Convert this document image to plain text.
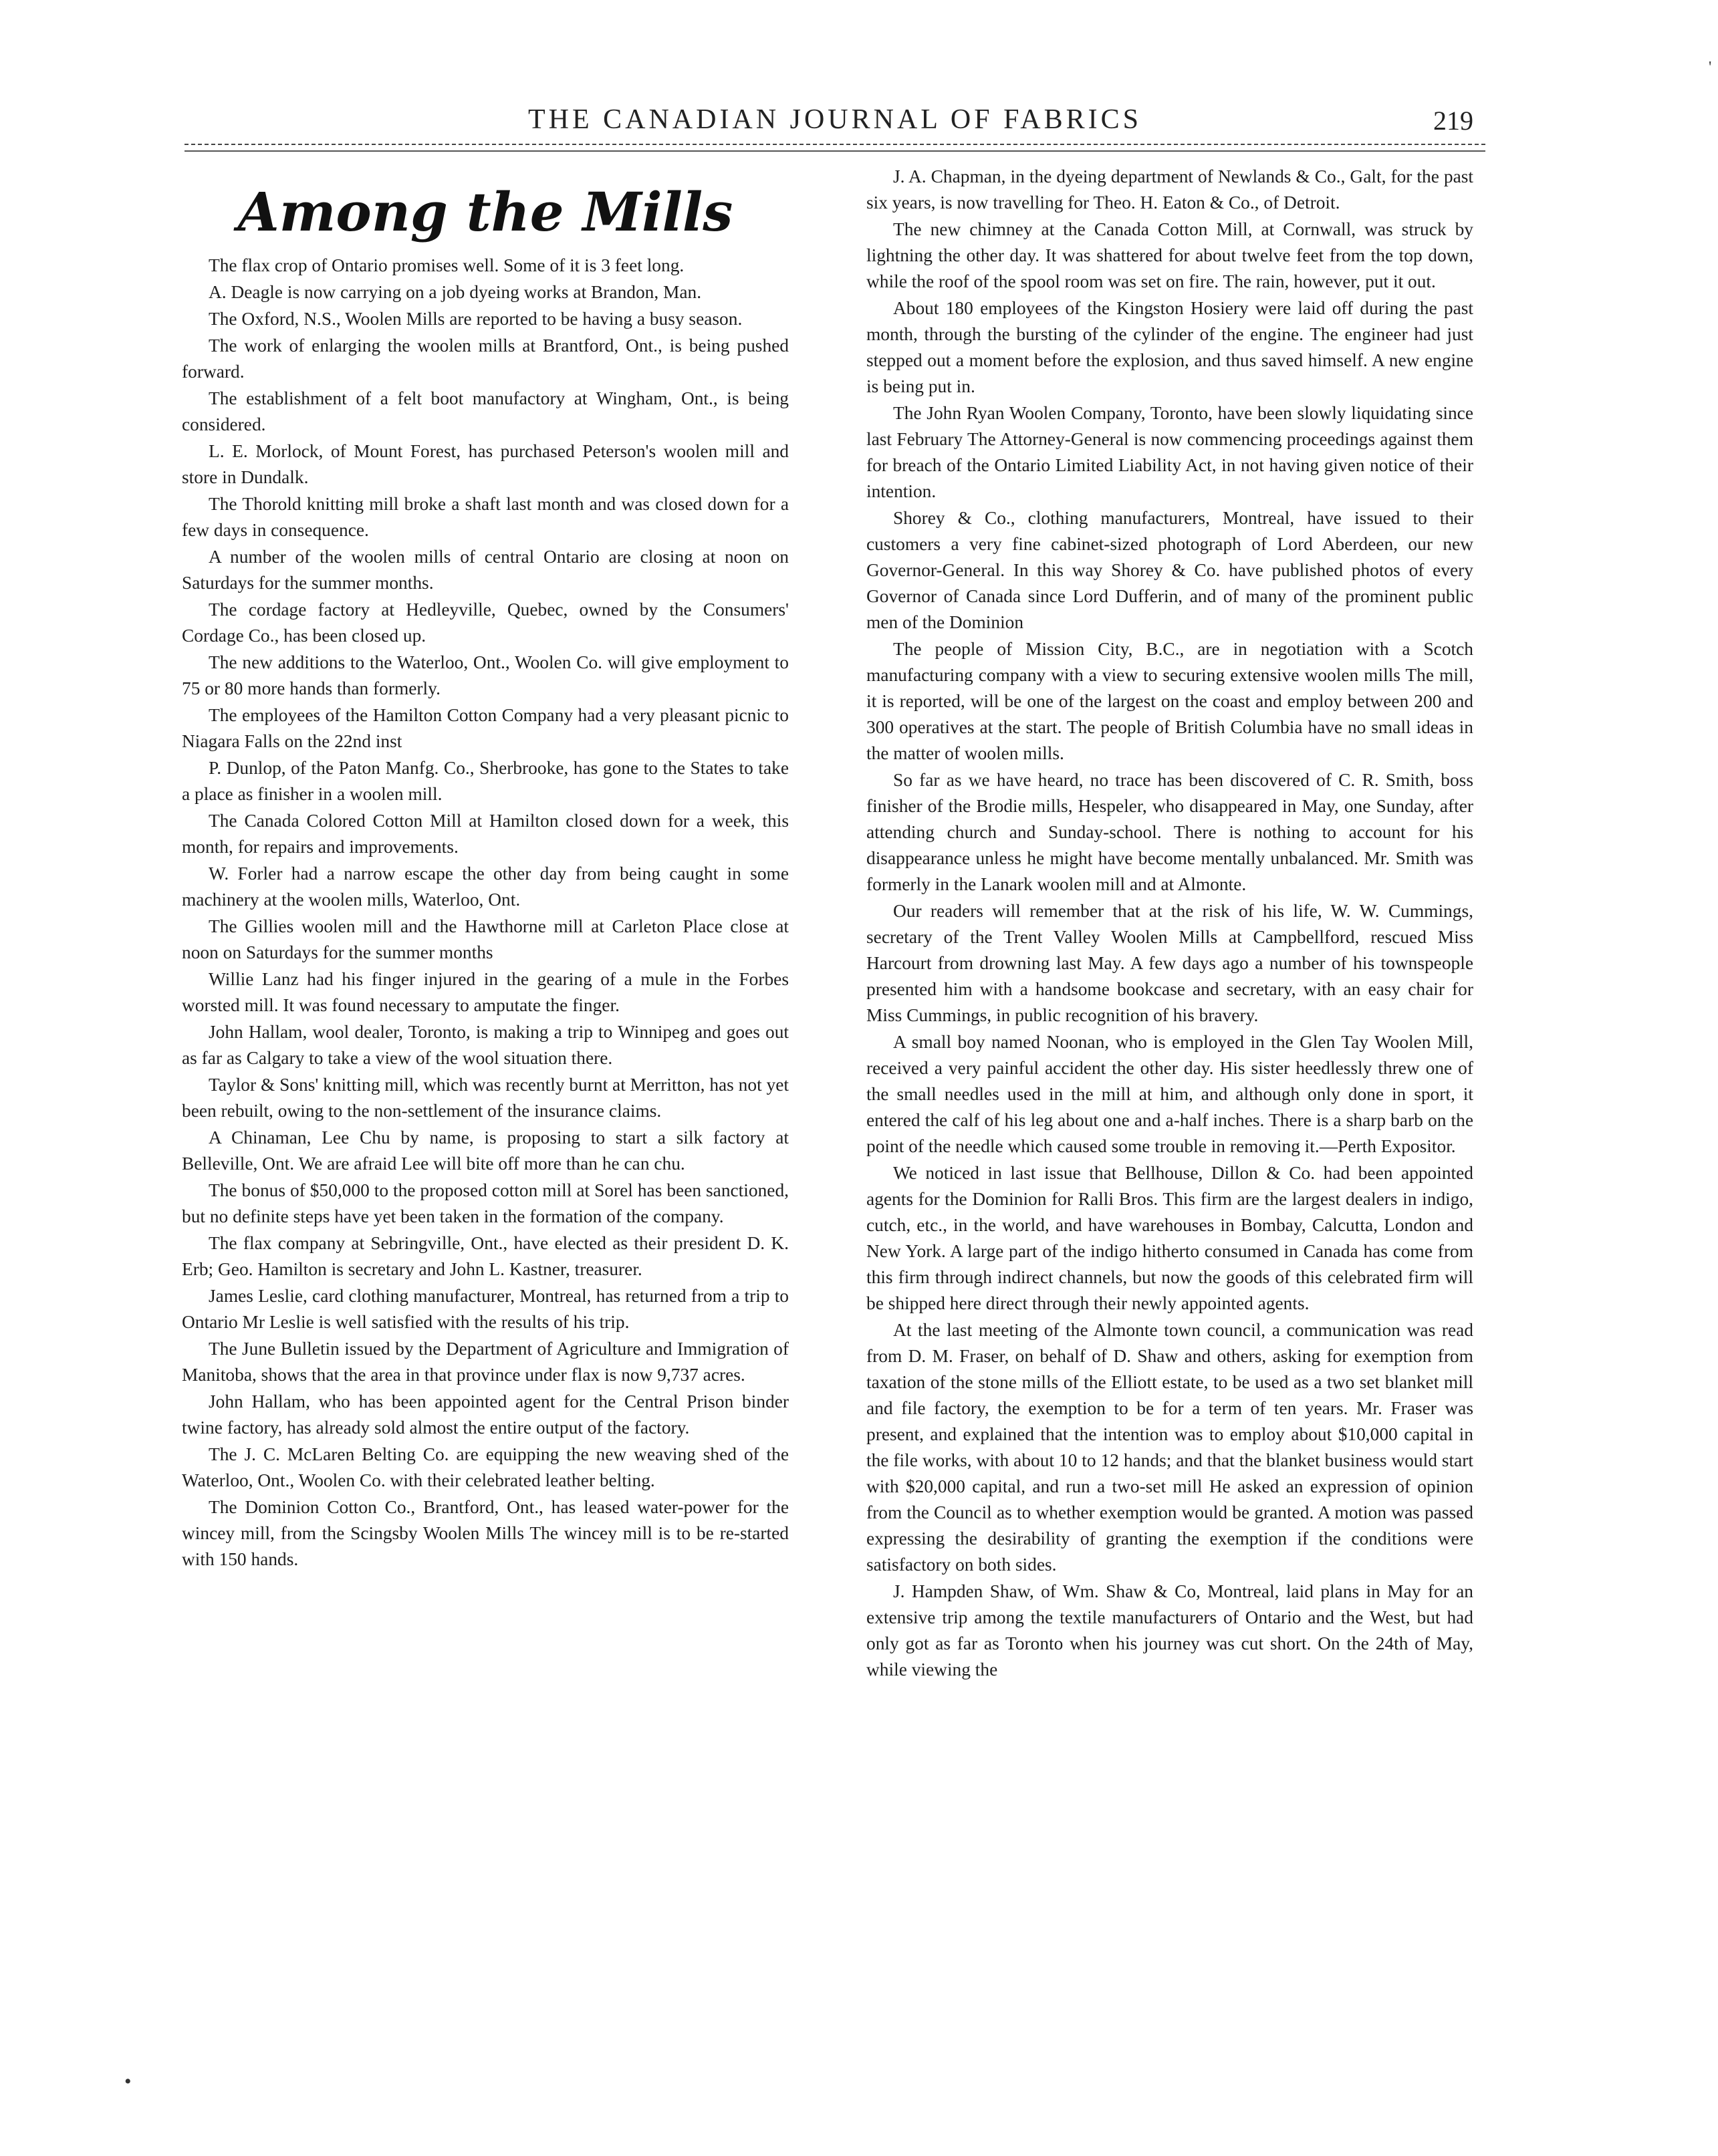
THE CANADIAN JOURNAL OF FABRICS	219
Among the Mills

The flax crop of Ontario promises well. Some of it is 3 feet long.

A. Deagle is now carrying on a job dyeing works at Brandon, Man.

The Oxford, N.S., Woolen Mills are reported to be having a busy season.

The work of enlarging the woolen mills at Brantford, Ont., is being pushed forward.

The establishment of a felt boot manufactory at Wingham, Ont., is being considered.

L. E. Morlock, of Mount Forest, has purchased Peterson's woolen mill and store in Dundalk.

The Thorold knitting mill broke a shaft last month and was closed down for a few days in consequence.

A number of the woolen mills of central Ontario are closing at noon on Saturdays for the summer months.

The cordage factory at Hedleyville, Quebec, owned by the Consumers' Cordage Co., has been closed up.

The new additions to the Waterloo, Ont., Woolen Co. will give employment to 75 or 80 more hands than formerly.

The employees of the Hamilton Cotton Company had a very pleasant picnic to Niagara Falls on the 22nd inst

P. Dunlop, of the Paton Manfg. Co., Sherbrooke, has gone to the States to take a place as finisher in a woolen mill.

The Canada Colored Cotton Mill at Hamilton closed down for a week, this month, for repairs and improvements.

W. Forler had a narrow escape the other day from being caught in some machinery at the woolen mills, Waterloo, Ont.

The Gillies woolen mill and the Hawthorne mill at Carleton Place close at noon on Saturdays for the summer months

Willie Lanz had his finger injured in the gearing of a mule in the Forbes worsted mill. It was found necessary to amputate the finger.

John Hallam, wool dealer, Toronto, is making a trip to Winnipeg and goes out as far as Calgary to take a view of the wool situation there.

Taylor & Sons' knitting mill, which was recently burnt at Merritton, has not yet been rebuilt, owing to the non-settlement of the insurance claims.

A Chinaman, Lee Chu by name, is proposing to start a silk factory at Belleville, Ont. We are afraid Lee will bite off more than he can chu.

The bonus of $50,000 to the proposed cotton mill at Sorel has been sanctioned, but no definite steps have yet been taken in the formation of the company.

The flax company at Sebringville, Ont., have elected as their president D. K. Erb; Geo. Hamilton is secretary and John L. Kastner, treasurer.

James Leslie, card clothing manufacturer, Montreal, has returned from a trip to Ontario Mr Leslie is well satisfied with the results of his trip.

The June Bulletin issued by the Department of Agriculture and Immigration of Manitoba, shows that the area in that province under flax is now 9,737 acres.

John Hallam, who has been appointed agent for the Central Prison binder twine factory, has already sold almost the entire output of the factory.

The J. C. McLaren Belting Co. are equipping the new weaving shed of the Waterloo, Ont., Woolen Co. with their celebrated leather belting.

The Dominion Cotton Co., Brantford, Ont., has leased water-power for the wincey mill, from the Scingsby Woolen Mills The wincey mill is to be re-started with 150 hands.

J. A. Chapman, in the dyeing department of Newlands & Co., Galt, for the past six years, is now travelling for Theo. H. Eaton & Co., of Detroit.

The new chimney at the Canada Cotton Mill, at Cornwall, was struck by lightning the other day. It was shattered for about twelve feet from the top down, while the roof of the spool room was set on fire. The rain, however, put it out.

About 180 employees of the Kingston Hosiery were laid off during the past month, through the bursting of the cylinder of the engine. The engineer had just stepped out a moment before the explosion, and thus saved himself. A new engine is being put in.

The John Ryan Woolen Company, Toronto, have been slowly liquidating since last February The Attorney-General is now commencing proceedings against them for breach of the Ontario Limited Liability Act, in not having given notice of their intention.

Shorey & Co., clothing manufacturers, Montreal, have issued to their customers a very fine cabinet-sized photograph of Lord Aberdeen, our new Governor-General. In this way Shorey & Co. have published photos of every Governor of Canada since Lord Dufferin, and of many of the prominent public men of the Dominion

The people of Mission City, B.C., are in negotiation with a Scotch manufacturing company with a view to securing extensive woolen mills The mill, it is reported, will be one of the largest on the coast and employ between 200 and 300 operatives at the start. The people of British Columbia have no small ideas in the matter of woolen mills.

So far as we have heard, no trace has been discovered of C. R. Smith, boss finisher of the Brodie mills, Hespeler, who disappeared in May, one Sunday, after attending church and Sunday-school. There is nothing to account for his disappearance unless he might have become mentally unbalanced. Mr. Smith was formerly in the Lanark woolen mill and at Almonte.

Our readers will remember that at the risk of his life, W. W. Cummings, secretary of the Trent Valley Woolen Mills at Campbellford, rescued Miss Harcourt from drowning last May. A few days ago a number of his townspeople presented him with a handsome bookcase and secretary, with an easy chair for Miss Cummings, in public recognition of his bravery.

A small boy named Noonan, who is employed in the Glen Tay Woolen Mill, received a very painful accident the other day. His sister heedlessly threw one of the small needles used in the mill at him, and although only done in sport, it entered the calf of his leg about one and a-half inches. There is a sharp barb on the point of the needle which caused some trouble in removing it.—Perth Expositor.

We noticed in last issue that Bellhouse, Dillon & Co. had been appointed agents for the Dominion for Ralli Bros. This firm are the largest dealers in indigo, cutch, etc., in the world, and have warehouses in Bombay, Calcutta, London and New York. A large part of the indigo hitherto consumed in Canada has come from this firm through indirect channels, but now the goods of this celebrated firm will be shipped here direct through their newly appointed agents.

At the last meeting of the Almonte town council, a communication was read from D. M. Fraser, on behalf of D. Shaw and others, asking for exemption from taxation of the stone mills of the Elliott estate, to be used as a two set blanket mill and file factory, the exemption to be for a term of ten years. Mr. Fraser was present, and explained that the intention was to employ about $10,000 capital in the file works, with about 10 to 12 hands; and that the blanket business would start with $20,000 capital, and run a two-set mill He asked an expression of opinion from the Council as to whether exemption would be granted. A motion was passed expressing the desirability of granting the exemption if the conditions were satisfactory on both sides.

J. Hampden Shaw, of Wm. Shaw & Co, Montreal, laid plans in May for an extensive trip among the textile manufacturers of Ontario and the West, but had only got as far as Toronto when his journey was cut short. On the 24th of May, while viewing the

'
•
